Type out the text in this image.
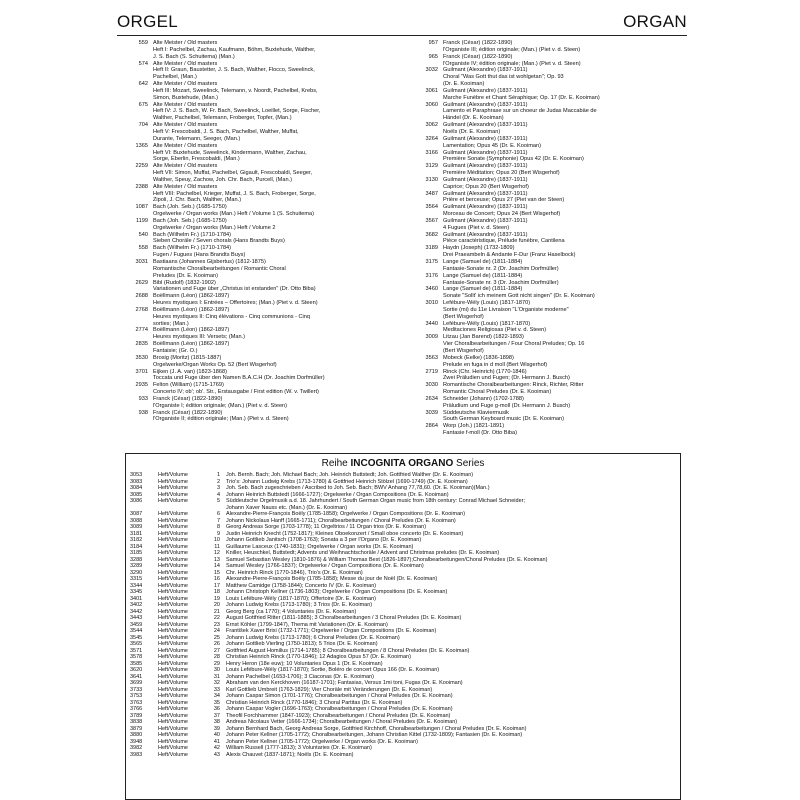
ORGEL	ORGAN
559 Alte Meister / Old masters
Heft I: Pachelbel, Zachau, Kaufmann, Böhm, Buxtehude, Walther,
J. S. Bach (S. Schuitema) (Man.)
574 Alte Meister / Old masters
Heft II: Graun, Baustetter, J. S. Bach, Walther, Flocco, Sweelinck,
Pachelbel, (Man.)
642 Alte Meister / Old masters
Heft III: Mozart, Sweelinck, Telemann, v. Noordt, Pachelbel, Krebs,
Simon, Buxtehude, (Man.)
675 Alte Meister / Old masters
Heft IV: J. S. Bach, W. Fr. Bach, Sweelinck, Loeillet, Sorge, Fischer,
Walther, Pachelbel, Telemann, Froberger, Topfer, (Man.)
704 Alte Meister / Old masters
Heft V: Frescobaldi, J. S. Bach, Pachelbel, Walther, Muffat,
Durante, Telemann, Seeger, (Man.)
1365 Alte Meister / Old masters
Heft VI: Buxtehude, Sweelinck, Kindermann, Walther, Zachau,
Sorge, Eberlin, Frescobaldi, (Man.)
2259 Alte Meister / Old masters
Heft VII: Simon, Muffat, Pachelbel, Gigault, Frescobaldi, Seeger,
Walther, Speuy, Zachow, Joh. Chr. Bach, Purcell, (Man.)
2388 Alte Meister / Old masters
Heft VIII: Pachelbel, Krieger, Muffat, J. S. Bach, Froberger, Sorge,
Zipoli, J. Chr. Bach, Walther, (Man.)
1087 Bach (Joh. Seb.) (1685-1750)
Orgelwerke / Organ works (Man.) Heft / Volume 1 (S. Schuitema)
1199 Bach (Joh. Seb.) (1685-1750)
Orgelwerke / Organ works (Man.) Heft / Volume 2
540 Bach (Wilhelm Fr.) (1710-1784)
Sieben Choräle / Seven chorals (Hans Brandts Buys)
558 Bach (Wilhelm Fr.) (1710-1784)
Fugen / Fugues (Hans Brandts Buys)
3031 Bastiaans (Johannes Gijsbertus) (1812-1875)
Romantische Choralbearbeitungen / Romantic Choral
Preludes (Dr. E. Kooiman)
2629 Bibl (Rudolf) (1832-1902)
Variationen und Fuge über „Christus ist erstanden" (Dr. Otto Biba)
2688 Boëllmann (Léon) (1862-1897)
Heures mystiques I: Entrées – Offertoires; (Man.) (Piet v. d. Steen)
2768 Boëllmann (Léon) (1862-1897)
Heures mystiques II: Cinq élévations - Cinq communions - Cinq
sorties; (Man.)
2774 Boëllmann (Léon) (1862-1897)
Heures mystiques III: Versets; (Man.)
2835 Boëllmann (Léon) (1862-1897)
Fantaisie; (Gr. O.)
3530 Brosig (Moritz) (1815-1887)
Orgelwerke/Organ Works Op. 52 (Bert Wisgerhof)
3701 Eijken (J. A. van) (1823-1868)
Toccata und Fuge über den Namen B.A.C.H (Dr. Joachim Dorfmüller)
2935 Felton (William) (1715-1769)
Concerto IV; ob'; ob'. Str., Erstausgabe / First edition (W. v. Twillert)
933 Franck (César) (1822-1890)
l'Organiste I; édition originale; (Man.) (Piet v. d. Steen)
938 Franck (César) (1822-1890)
l'Organiste II; édition originale; (Man.) (Piet v. d. Steen)
957 Franck (César) (1822-1890)
l'Organiste III; édition originale; (Man.) (Piet v. d. Steen)
965 Franck (César) (1822-1890)
l'Organiste IV; édition originale; (Man.) (Piet v. d. Steen)
3032 Guilmant (Alexandre) (1837-1911)
Choral "Was Gott thut das ist wohlgetan"; Op. 93
(Dr. E. Kooiman)
3061 Guilmant (Alexandre) (1837-1911)
Marche Funèbre et Chant Séraphique; Op. 17 (Dr. E. Kooiman)
3060 Guilmant (Alexandre) (1837-1911)
Lamento et Paraphrase sur un choeur de Judas Maccabäe de
Händel (Dr. E. Kooiman)
3062 Guilmant (Alexandre) (1837-1911)
Noëls (Dr. E. Kooiman)
3264 Guilmant (Alexandre) (1837-1911)
Lamentation; Opus 45 (Dr. E. Kooiman)
3166 Guilmant (Alexandre) (1837-1911)
Première Sonate (Symphonie) Opus 42 (Dr. E. Kooiman)
3129 Guilmant (Alexandre) (1837-1911)
Première Méditation; Opus 20 (Bert Wisgerhof)
3130 Guilmant (Alexandre) (1837-1911)
Caprice; Opus 20 (Bert Wisgerhof)
3487 Guilmant (Alexandre) (1837-1911)
Prière et berceuse; Opus 27 (Piet van der Steen)
3564 Guilmant (Alexandre) (1837-1911)
Morceau de Concert; Opus 24 (Bert Wisgerhof)
3567 Guilmant (Alexandre) (1837-1911)
4 Fugues (Piet v. d. Steen)
3682 Guilmant (Alexandre) (1837-1911)
Pièce caractéristique, Prélude funèbre, Cantilena
3189 Haydn (Joseph) (1732-1809)
Drei Praeambeln & Andante F-Dur (Franz Haselbock)
3175 Lange (Samuel de) (1811-1884)
Fantasie-Sonate nr. 2 (Dr. Joachim Dorfmüller)
3176 Lange (Samuel de) (1811-1884)
Fantasie-Sonate nr. 3 (Dr. Joachim Dorfmüller)
3460 Lange (Samuel de) (1811-1884)
Sonate "Sollt' ich meinem Gott nicht singen" (Dr. E. Kooiman)
3010 Lefébure-Wély (Louis) (1817-1870)
Sortie (mi) du 11e Livraison "L'Organiste moderne"
(Bert Wisgerhof)
3440 Lefébure-Wély (Louis) (1817-1870)
Meditaciones Religiosas (Piet v. d. Steen)
3009 Litzau (Jan Barend) (1822-1893)
Vier Choralbearbeitungen / Four Choral Preludes; Op. 16
(Bert Wisgerhof)
3563 Mobeck (Eelke) (1836-1898)
Prelude en fuga in d moll (Bert Wisgerhof)
2719 Rinck (Chr. Heinrich) (1770-1846)
Zwei Präludien und Fugen; (Dr. Hermann J. Busch)
3030 Romantische Choralbearbeitungen: Rinck, Richter, Ritter
Romantic Choral Preludes (Dr. E. Kooiman)
2634 Schneider (Johann) (1702-1788)
Präludium und Fuge g-moll (Dr. Hermann J. Busch)
3039 Süddeutsche Klaviermusik
South German Keyboard music (Dr. E. Kooiman)
2864 Worp (Joh.) (1821-1891)
Fantasie f-moll (Dr. Otto Biba)
Reihe INCOGNITA ORGANO Series
3053	Heft/Volume	1	Joh. Bernh. Bach; Joh. Michael Bach; Joh. Heinrich Buttstedt; Joh. Gottfried Walther (Dr. E. Kooiman)
3083	Heft/Volume	2	Trio's: Johann Ludwig Krebs (1713-1780) & Gottfried Heinrich Stölzel (1690-1749) (Dr. E. Kooiman)
3084	Heft/Volume	3	Joh. Seb. Bach zugeschrieben / Ascribed to Joh. Seb. Bach; BWV Anhang 77,78,60. (Dr. E. Kooiman)(Man.)
3085	Heft/Volume	4	Johann Heinrich Buttstedt (1666-1727); Orgelwerke / Organ Compositions (Dr. E. Kooiman)
3086	Heft/Volume	5	Süddeutsche Orgelmusik a.d. 18. Jahrhundert / South German Organ music from 18th century: Conrad Michael Schneider;
Johann Xaver Nauss etc. (Man.) (Dr. E. Kooiman)
3087	Heft/Volume	6	Alexandre-Pierre-François Boëly (1785-1858); Orgelwerke / Organ Compositions (Dr. E. Kooiman)
3088	Heft/Volume	7	Johann Nickolaus Hanff (1665-1711); Choralbearbeitungen / Choral Preludes (Dr. E. Kooiman)
3089	Heft/Volume	8	Georg Andreas Sorge (1703-1778); 11 Orgeltrios / 11 Organ trios (Dr. E. Kooiman)
3181	Heft/Volume	9	Justin Heinrich Knecht (1752-1817); Kleines Oboekonzert / Small oboe concerto (Dr. E. Kooiman)
3182	Heft/Volume	10	Johann Gottlieb Janitsch (1708-1763); Sonata a 3 per l'Organo (Dr. E. Kooiman)
3184	Heft/Volume	11	Guillaume Lasceux (1740-1831); Orgelwerke / Organ works (Dr. E. Kooiman)
3185	Heft/Volume	12	Kniller, Heuschkel, Buttstedt; Advents und Weihnachtschoräle / Advent and Christmas preludes (Dr. E. Kooiman)
3288	Heft/Volume	13	Samuel Sebastian Wesley (1810-1876) & William Thomas Best (1826-1897);Choralbearbeitungen/Choral Preludes (Dr. E. Kooiman)
3289	Heft/Volume	14	Samuel Wesley (1766-1837); Orgelwerke / Organ Compositions (Dr. E. Kooiman)
3290	Heft/Volume	15	Chr. Heinrich Rinck (1770-1846), Trio's (Dr. E. Kooiman)
3315	Heft/Volume	16	Alexandre-Pierre-François Boëly (1785-1858); Messe du jour de Noël (Dr. E. Kooiman)
3344	Heft/Volume	17	Matthew Camidge (1758-1844); Concerto IV (Dr. E. Kooiman)
3345	Heft/Volume	18	Johann Christoph Kellner (1736-1803); Orgelwerke / Organ Compositions (Dr. E. Kooiman)
3401	Heft/Volume	19	Louis Lefébure-Wély (1817-1870); Offertoire (Dr. E. Kooiman)
3402	Heft/Volume	20	Johann Ludwig Krebs (1713-1780); 3 Trios (Dr. E. Kooiman)
3442	Heft/Volume	21	Georg Berg (ca 1770); 4 Voluntaries (Dr. E. Kooiman)
3443	Heft/Volume	22	August Gottfried Ritter (1811-1885); 3 Choralbearbeitungen / 3 Choral Preludes (Dr. E. Kooiman)
3459	Heft/Volume	23	Ernst Köhler (1799-1847), Thema mit Variationen (Dr. E. Kooiman)
3544	Heft/Volume	24	František Xaver Brixi (1732-1771); Orgelwerke / Organ Compositions (Dr. E. Kooiman)
3545	Heft/Volume	25	Johann Ludwig Krebs (1713-1780); 6 Choral Preludes (Dr. E. Kooiman)
3565	Heft/Volume	26	Johann Gottlieb Vierling (1750-1813); 5 Trios (Dr. E. Kooiman)
3571	Heft/Volume	27	Gottfried August Homilius (1714-1785); 8 Choralbearbeitungen / 8 Choral Preludes (Dr. E. Kooiman)
3578	Heft/Volume	28	Christian Heinrich Rinck (1770-1846); 12 Adagios Opus 57 (Dr. E. Kooiman)
3585	Heft/Volume	29	Henry Heron (18e euw); 10 Voluntaries Opus 1 (Dr. E. Kooiman)
3620	Heft/Volume	30	Louis Lefébure-Wély (1817-1870); Sortie, Boléro de concert Opus 166 (Dr. E. Kooiman)
3641	Heft/Volume	31	Johann Pachelbel (1653-1706); 3 Ciaconas (Dr. E. Kooiman)
3699	Heft/Volume	32	Abraham van den Kerckhoven (16187-1701); Fantasias, Versus 1mi toni, Fugas (Dr. E. Kooiman)
3733	Heft/Volume	33	Karl Gottlieb Umbreit (1763-1829); Vier Choräle mit Veränderungen (Dr. E. Kooiman)
3753	Heft/Volume	34	Johann Caspar Simon (1701-1776); Choralbearbeitungen / Choral Preludes (Dr. E. Kooiman)
3763	Heft/Volume	35	Christian Heinrich Rinck (1770-1846); 3 Choral Partitas (Dr. E. Kooiman)
3766	Heft/Volume	36	Johann Caspar Vogler (1696-1763); Choralbearbeitungen / Choral Preludes (Dr. E. Kooiman)
3789	Heft/Volume	37	Theofil Forchhammer (1847-1923); Choralbearbeitungen / Choral Preludes (Dr. E. Kooiman)
3838	Heft/Volume	38	Andreas Nicolaus Vetter (1666-1734); Choralbearbeitungen / Choral Preludes (Dr. E. Kooiman)
3879	Heft/Volume	39	Johann Bernhard Bach, Georg Andreas Sorge, Gottfried Kirchhoff, Choralbearbeitungen / Choral Preludes (Dr. E. Kooiman)
3880	Heft/Volume	40	Johann Peter Kellner (1705-1772); Choralbearbeitungen, Johann Christian Kittel (1732-1809); Fantasien (Dr. E. Kooiman)
3948	Heft/Volume	41	Johann Peter Kellner (1705-1772); Orgelwerke / Organ works (Dr. E. Kooiman)
3982	Heft/Volume	42	William Russell (1777-1813); 3 Voluntaries (Dr. E. Kooiman)
3983	Heft/Volume	43	Alexis Chauvet (1837-1871); Noëls (Dr. E. Kooiman)
